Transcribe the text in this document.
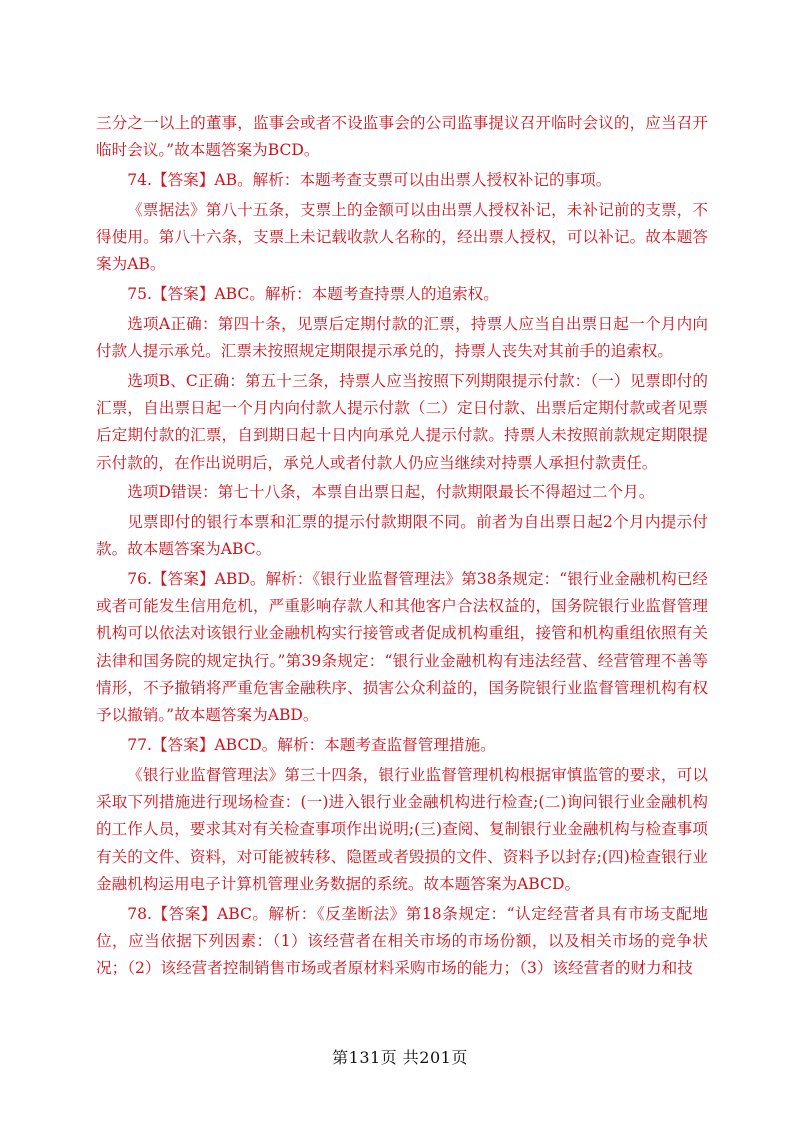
三分之一以上的董事，监事会或者不设监事会的公司监事提议召开临时会议的，应当召开临时会议。”故本题答案为BCD。

74.【答案】AB。解析：本题考查支票可以由出票人授权补记的事项。

《票据法》第八十五条，支票上的金额可以由出票人授权补记，未补记前的支票，不得使用。第八十六条，支票上未记载收款人名称的，经出票人授权，可以补记。故本题答案为AB。

75.【答案】ABC。解析：本题考查持票人的追索权。

选项A正确：第四十条，见票后定期付款的汇票，持票人应当自出票日起一个月内向付款人提示承兑。汇票未按照规定期限提示承兑的，持票人丧失对其前手的追索权。

选项B、C正确：第五十三条，持票人应当按照下列期限提示付款：（一）见票即付的汇票，自出票日起一个月内向付款人提示付款（二）定日付款、出票后定期付款或者见票后定期付款的汇票，自到期日起十日内向承兑人提示付款。持票人未按照前款规定期限提示付款的，在作出说明后，承兑人或者付款人仍应当继续对持票人承担付款责任。

选项D错误：第七十八条，本票自出票日起，付款期限最长不得超过二个月。

见票即付的银行本票和汇票的提示付款期限不同。前者为自出票日起2个月内提示付款。故本题答案为ABC。

76.【答案】ABD。解析：《银行业监督管理法》第38条规定：“银行业金融机构已经或者可能发生信用危机，严重影响存款人和其他客户合法权益的，国务院银行业监督管理机构可以依法对该银行业金融机构实行接管或者促成机构重组，接管和机构重组依照有关法律和国务院的规定执行。”第39条规定：“银行业金融机构有违法经营、经营管理不善等情形，不予撤销将严重危害金融秩序、损害公众利益的，国务院银行业监督管理机构有权予以撤销。”故本题答案为ABD。

77.【答案】ABCD。解析：本题考查监督管理措施。

《银行业监督管理法》第三十四条，银行业监督管理机构根据审慎监管的要求，可以采取下列措施进行现场检查：(一)进入银行业金融机构进行检查;(二)询问银行业金融机构的工作人员，要求其对有关检查事项作出说明;(三)查阅、复制银行业金融机构与检查事项有关的文件、资料，对可能被转移、隐匿或者毁损的文件、资料予以封存;(四)检查银行业金融机构运用电子计算机管理业务数据的系统。故本题答案为ABCD。

78.【答案】ABC。解析：《反垄断法》第18条规定：“认定经营者具有市场支配地位，应当依据下列因素：（1）该经营者在相关市场的市场份额，以及相关市场的竞争状况；（2）该经营者控制销售市场或者原材料采购市场的能力；（3）该经营者的财力和技

第131页 共201页
